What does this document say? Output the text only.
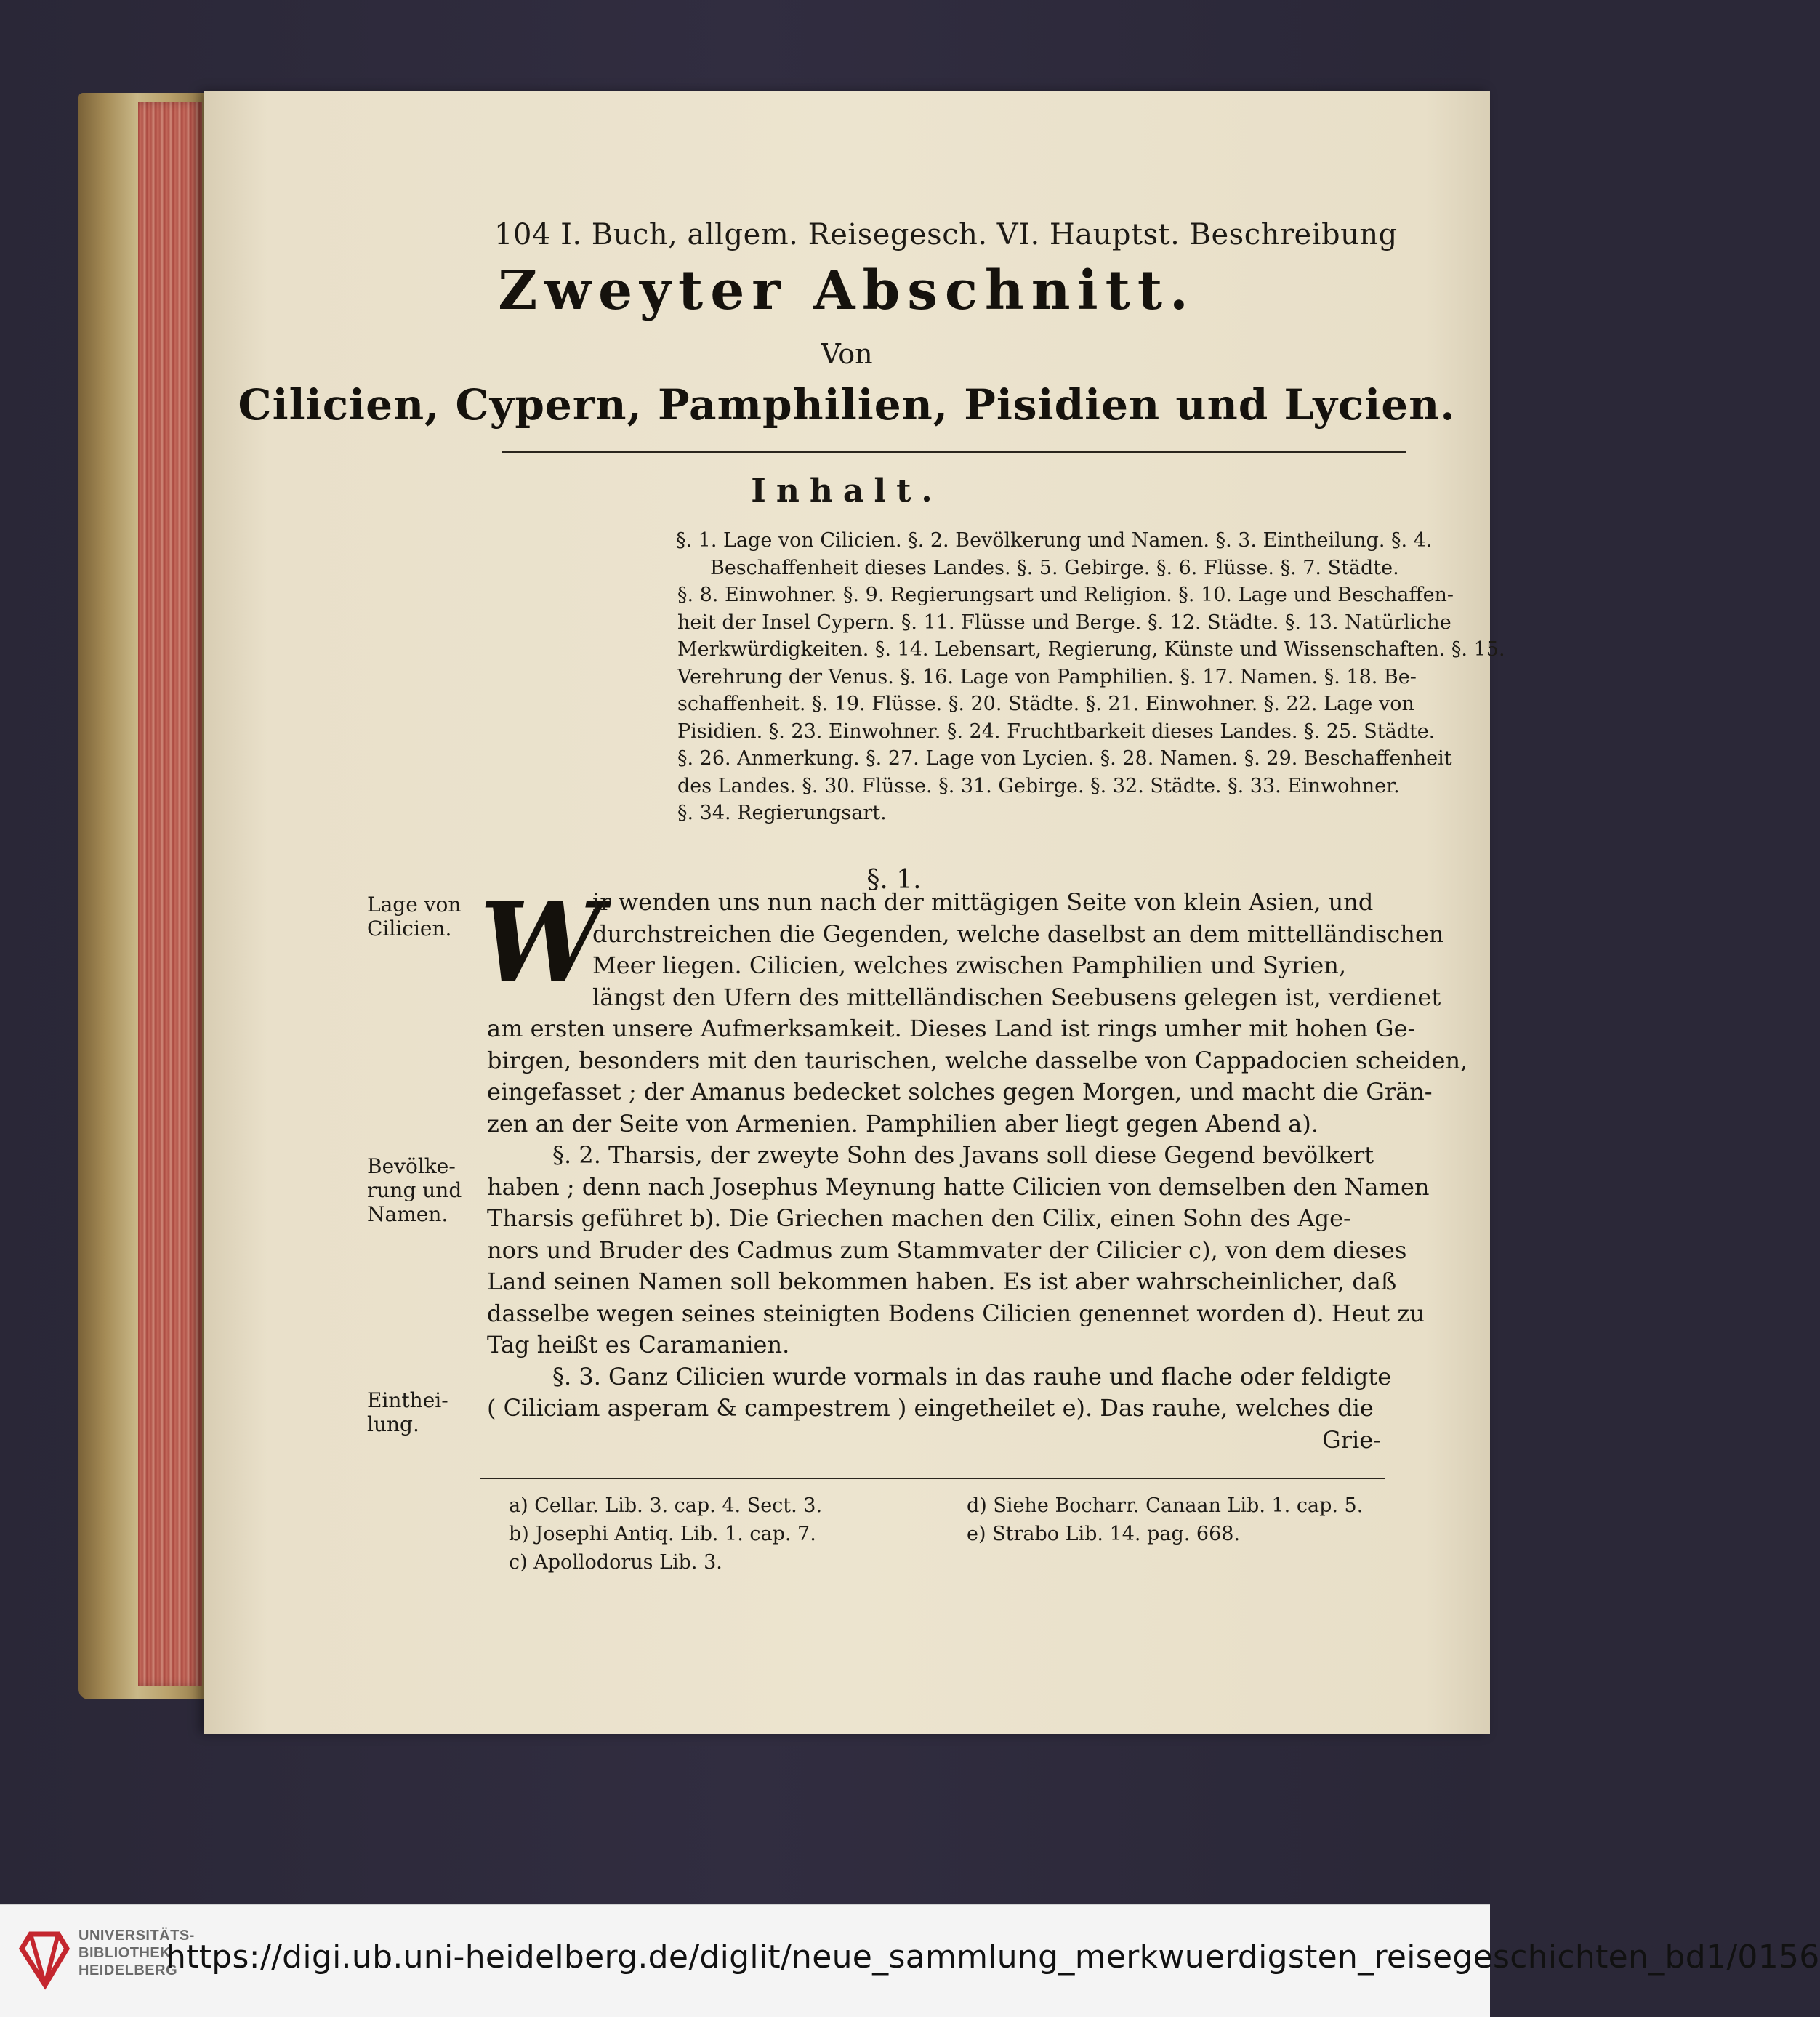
104 I. Buch, allgem. Reisegesch. VI. Hauptst. Beschreibung
Zweyter Abschnitt.
Von
Cilicien, Cypern, Pamphilien, Pisidien und Lycien.
Inhalt.
§. 1. Lage von Cilicien. §. 2. Bevölkerung und Namen. §. 3. Eintheilung. §. 4.
Beschaffenheit dieses Landes. §. 5. Gebirge. §. 6. Flüsse. §. 7. Städte.
§. 8. Einwohner. §. 9. Regierungsart und Religion. §. 10. Lage und Beschaffen-
heit der Insel Cypern. §. 11. Flüsse und Berge. §. 12. Städte. §. 13. Natürliche
Merkwürdigkeiten. §. 14. Lebensart, Regierung, Künste und Wissenschaften. §. 15.
Verehrung der Venus. §. 16. Lage von Pamphilien. §. 17. Namen. §. 18. Be-
schaffenheit. §. 19. Flüsse. §. 20. Städte. §. 21. Einwohner. §. 22. Lage von
Pisidien. §. 23. Einwohner. §. 24. Fruchtbarkeit dieses Landes. §. 25. Städte.
§. 26. Anmerkung. §. 27. Lage von Lycien. §. 28. Namen. §. 29. Beschaffenheit
des Landes. §. 30. Flüsse. §. 31. Gebirge. §. 32. Städte. §. 33. Einwohner.
§. 34. Regierungsart.
§. 1.
Lage von Cilicien.
Bevölke-rung und Namen.
Einthei-lung.
W
ir wenden uns nun nach der mittägigen Seite von klein Asien, und
durchstreichen die Gegenden, welche daselbst an dem mittelländischen
Meer liegen. Cilicien, welches zwischen Pamphilien und Syrien,
längst den Ufern des mittelländischen Seebusens gelegen ist, verdienet
am ersten unsere Aufmerksamkeit. Dieses Land ist rings umher mit hohen Ge-
birgen, besonders mit den taurischen, welche dasselbe von Cappadocien scheiden,
eingefasset ; der Amanus bedecket solches gegen Morgen, und macht die Grän-
zen an der Seite von Armenien. Pamphilien aber liegt gegen Abend a).
§. 2. Tharsis, der zweyte Sohn des Javans soll diese Gegend bevölkert
haben ; denn nach Josephus Meynung hatte Cilicien von demselben den Namen
Tharsis geführet b). Die Griechen machen den Cilix, einen Sohn des Age-
nors und Bruder des Cadmus zum Stammvater der Cilicier c), von dem dieses
Land seinen Namen soll bekommen haben. Es ist aber wahrscheinlicher, daß
dasselbe wegen seines steinigten Bodens Cilicien genennet worden d). Heut zu
Tag heißt es Caramanien.
§. 3. Ganz Cilicien wurde vormals in das rauhe und flache oder feldigte
( Ciliciam asperam & campestrem ) eingetheilet e). Das rauhe, welches die
Grie-
a) Cellar. Lib. 3. cap. 4. Sect. 3.
b) Josephi Antiq. Lib. 1. cap. 7.
c) Apollodorus Lib. 3.
d) Siehe Bocharr. Canaan Lib. 1. cap. 5.
e) Strabo Lib. 14. pag. 668.
UNIVERSITÄTS-
BIBLIOTHEK
HEIDELBERG
https://digi.ub.uni-heidelberg.de/diglit/neue_sammlung_merkwuerdigsten_reisegeschichten_bd1/0156
